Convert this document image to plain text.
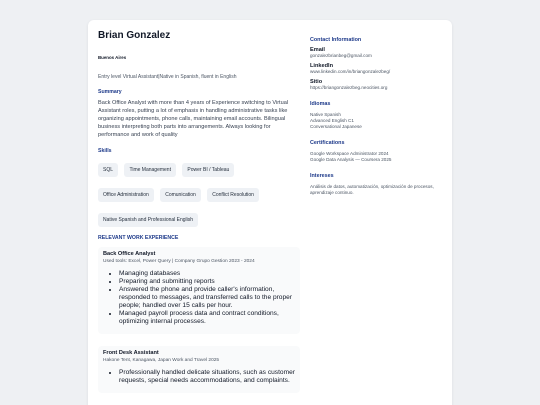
Brian Gonzalez
Buenos Aires
Entry level Virtual Assistant|Native in Spanish, fluent in English
Summary
Back Office Analyst with more than 4 years of Experience switching to Virtual Assistant roles, putting a lot of emphasis in handling administrative tasks like organizing appointments, phone calls, maintaining email accounts. Bilingual business interpreting both parts into arrangements. Always looking for performance and work of quality
Skills
SQL	Time Management	Power BI / Tableau
Office Administration	Comunication	Conflict Resolution
Native Spanish and Professional English
RELEVANT WORK EXPERIENCE
Back Office Analyst
Used tools: Excel, Power Query | Company Grupo Gestion 2023 - 2024
• Managing databases
• Preparing and submitting reports
• Answered the phone and provide caller's information, responded to messages, and transferred calls to the proper people; handled over 15 calls per hour.
• Managed payroll process data and contract conditions, optimizing internal processes.
Front Desk Assistant
Hakone Tent, Kanagawa, Japan Work and Travel 2025
• Professionally handled delicate situations, such as customer requests, special needs accommodations, and complaints.
Contact Information
Email
gonzalezbrianbeg@gmail.com
LinkedIn
www.linkedin.com/in/briangonzalezbeg/
Sitio
https://briangonzalezbeg.neocities.org
Idiomas
Native Spanish
Advanced English C1
Conversational Japanese
Certifications
Google Workspace Administrator 2024
Google Data Analysis — Coursera 2025
Intereses
Análisis de datos, automatización, optimización de procesos, aprendizaje continuo.
